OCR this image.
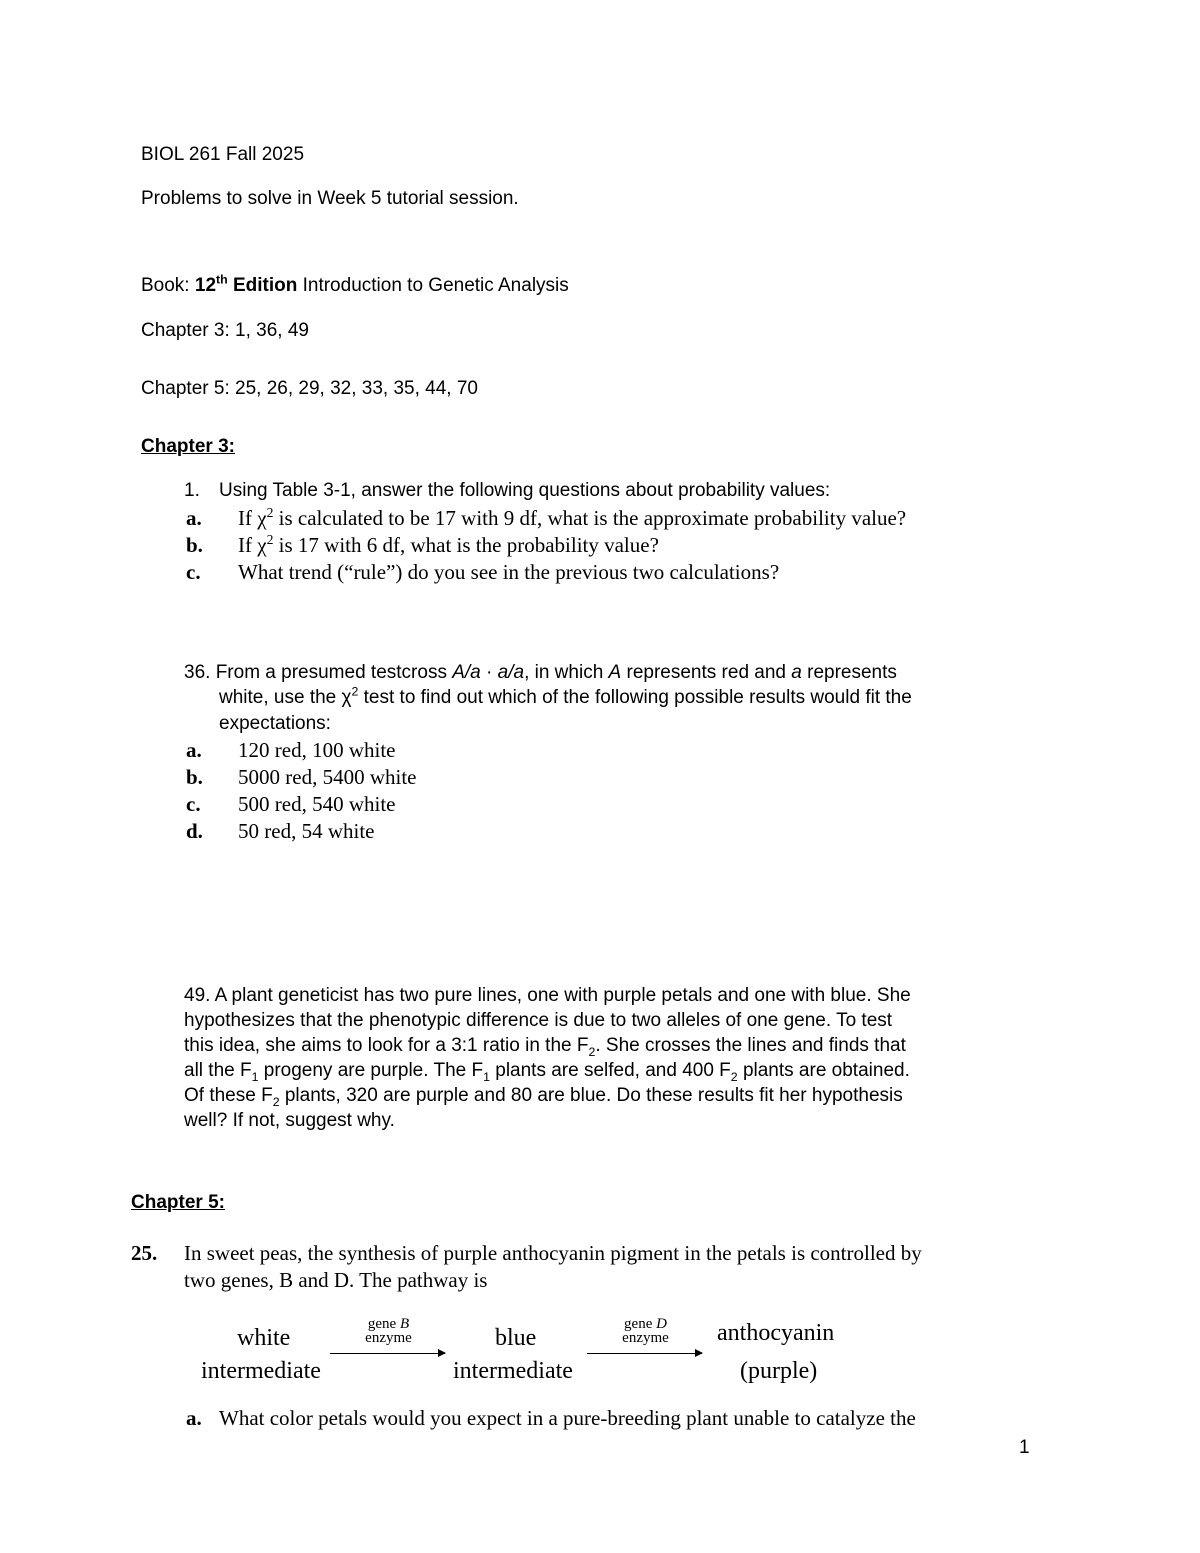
BIOL 261 Fall 2025
Problems to solve in Week 5 tutorial session.
Book: 12th Edition Introduction to Genetic Analysis
Chapter 3: 1, 36, 49
Chapter 5: 25, 26, 29, 32, 33, 35, 44, 70
Chapter 3:
1. Using Table 3-1, answer the following questions about probability values:
a. If $\chi^2$ is calculated to be 17 with 9 df, what is the approximate probability value?
b. If $\chi^2$ is 17 with 6 df, what is the probability value?
c. What trend (“rule”) do you see in the previous two calculations?
36. From a presumed testcross A/a · a/a, in which A represents red and a represents
white, use the $\chi^2$ test to find out which of the following possible results would fit the
expectations:
a. 120 red, 100 white
b. 5000 red, 5400 white
c. 500 red, 540 white
d. 50 red, 54 white
49. A plant geneticist has two pure lines, one with purple petals and one with blue. She
hypothesizes that the phenotypic difference is due to two alleles of one gene. To test
this idea, she aims to look for a 3:1 ratio in the $F_2$. She crosses the lines and finds that
all the $F_1$ progeny are purple. The $F_1$ plants are selfed, and 400 $F_2$ plants are obtained.
Of these $F_2$ plants, 320 are purple and 80 are blue. Do these results fit her hypothesis
well? If not, suggest why.
Chapter 5:
25. In sweet peas, the synthesis of purple anthocyanin pigment in the petals is controlled by
two genes, B and D. The pathway is
white
intermediate
gene B
enzyme	blue
intermediate
gene D
enzyme	anthocyanin
(purple)
a. What color petals would you expect in a pure-breeding plant unable to catalyze the
1
